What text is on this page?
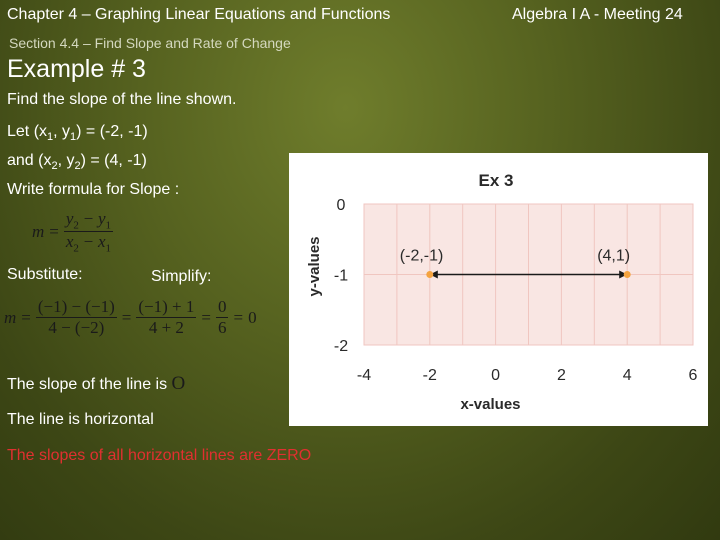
Chapter 4 – Graphing Linear Equations and Functions	Algebra I A - Meeting 24
Section 4.4 – Find Slope and Rate of Change
Example # 3
Find the slope of the line shown.
Let ($x_1$, $y_1) = (-2$, -1)
and ($x_2$, $y_2) = (4$, -1)
Write formula for Slope :
$m = \frac{y_2 - y_1}{x_2 - x_1}$
Substitute:	Simplify:
$m = \frac{(-1) - (-1)}{4 - (-2)} = \frac{(-1) + 1}{4 + 2} = \frac{0}{6} = 0$
The slope of the line is O
The line is horizontal
The slopes of all horizontal lines are ZERO
Ex 3
0
-1
-2
-4	-2	0	2	4	6
x-values
y-values	(-2,-1)	(4,1)
